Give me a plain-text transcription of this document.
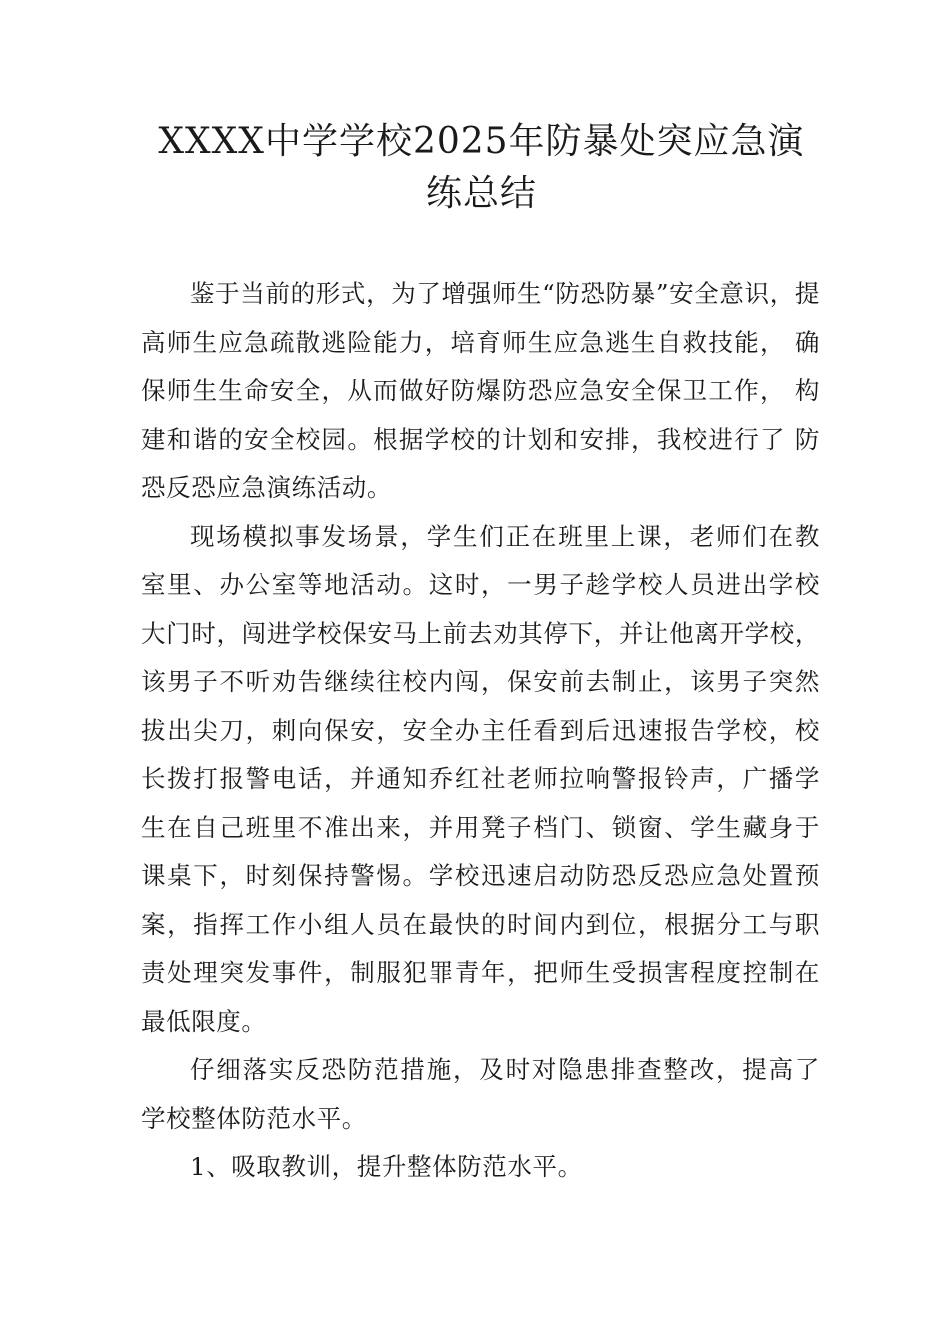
XXXX中学学校2025年防暴处突应急演练总结

鉴于当前的形式，为了增强师生“防恐防暴”安全意识，提高师生应急疏散逃险能力，培育师生应急逃生自救技能， 确保师生生命安全，从而做好防爆防恐应急安全保卫工作， 构建和谐的安全校园。根据学校的计划和安排，我校进行了 防恐反恐应急演练活动。

现场模拟事发场景，学生们正在班里上课，老师们在教 室里、办公室等地活动。这时，一男子趁学校人员进出学校 大门时，闯进学校保安马上前去劝其停下，并让他离开学校， 该男子不听劝告继续往校内闯，保安前去制止，该男子突然 拔出尖刀，刺向保安，安全办主任看到后迅速报告学校，校 长拨打报警电话，并通知乔红社老师拉响警报铃声，广播学 生在自己班里不准出来，并用凳子档门、锁窗、学生藏身于 课桌下，时刻保持警惕。学校迅速启动防恐反恐应急处置预 案，指挥工作小组人员在最快的时间内到位，根据分工与职 责处理突发事件，制服犯罪青年，把师生受损害程度控制在 最低限度。

仔细落实反恐防范措施，及时对隐患排查整改，提高了 学校整体防范水平。

1、吸取教训，提升整体防范水平。
